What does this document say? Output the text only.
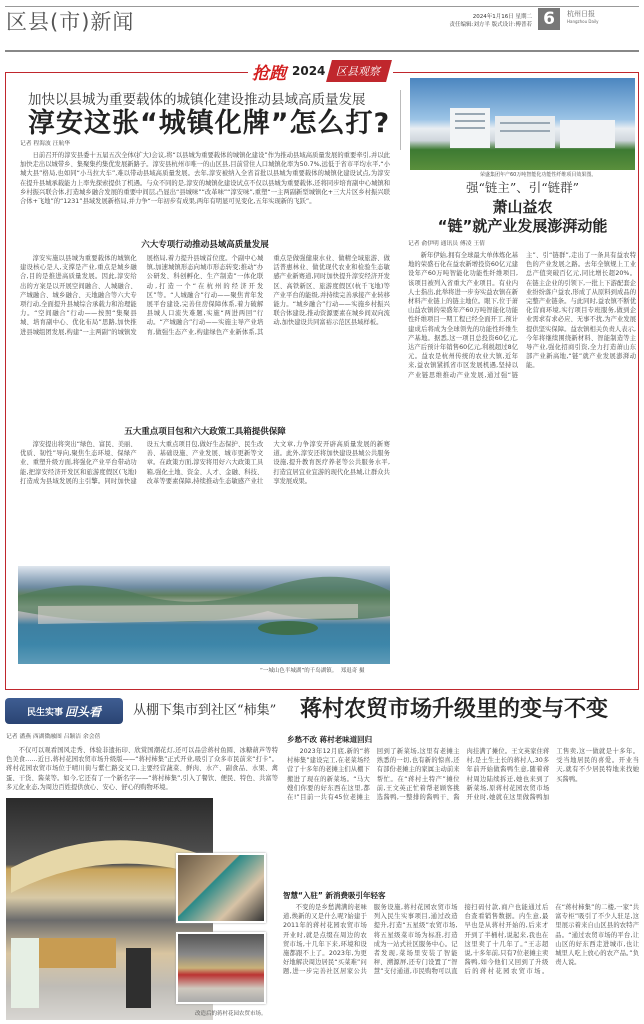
区县(市)新闻	2024年1月16日 星期二
责任编辑:刘方半 版式设计:傅普若 6	杭州日报
Hangzhou Daily
抢跑 2024 区县观察
加快以县城为重要载体的城镇化建设推动县域高质量发展
淳安这张“城镇化牌”怎么打?
记者 程海波 汪航华
日前召开的淳安县委十五届五次全体(扩大)会议,将“以县城为重要载体的城镇化建设”作为推动县域高质量发展的重要牵引,并以此加快走出以城带乡、集聚集约集优发展新路子。淳安县杭州市唯一的山区县,目前常住人口城镇化率为50.7%,远低于省市平均水平,“小城大县”格局,也如同“小马拉大车”,难以带动县域高质量发展。去年,淳安被纳入全省首批以县城为重要载体的城镇化建设试点,为淳安在提升县城承载能力上率先探索提供了机遇。与众不同的是,淳安的城镇化建设试点不仅以县城为重要载体,还将同步培育副中心城镇和乡村振兴联合体,打造城乡融合发展的重要中间层,凸显出“县城味”“改革味”“淳安味”,重塑“一主两副新型城镇化+三大片区乡村振兴联合体+飞地”的“1231”县域发展新格局,并力争“一年初步有成果,两年有明显可见变化,五年实现新的飞跃”。
六大专项行动推动县域高质量发展
淳安实施以县城为重要载体的城镇化建设核心是人,支撑是产业,重点是城乡融合,目的是推进高质量发展。因此,淳安给出的方案是以开展空间融合、人城融合、产城融合、城乡融合、天地融合等六大专项行动,全面提升县城综合承载力和治理能力。“空间融合”行动——按照“集聚县城、培育副中心、优化布局”思路,加快推进县城组团发展,构建“一主两副”的城镇发展格局,着力提升县城首位度。个副中心城镇,加速城镇形态向城市形态转变;推动“办公研发、科创孵化、生产制造”一体化联动,打造一个“在杭州的经济开发区”等。“人城融合”行动——聚焦青年发展平台建设,完善住房保障体系,着力破解县城人口流失难题,实施“两进两回”行动。“产城融合”行动——实施主导产业培育,做强生态产业,构建绿色产业新体系,其重点是做强健康水业、做精全域旅游、做活普惠林业、做优现代农业和检验生态敏感产业新赛道,同时加快提升淳安经济开发区、高铁新区、旅游度假区(杭千飞地)等产业平台的能级,并持续完善承接产业转移能力。“城乡融合”行动——实施乡村振兴联合体建设,推动资源要素在城乡间双向流动,加快建设共同富裕示范区县域样板。
五大重点项目包和六大政策工具箱提供保障
淳安提出将突出“绿色、富民、美丽、优质、韧性”导向,聚焦生态环境、保绿产业、重塑升级方面,将强化产业平台带动功能,把淳安经济开发区和旅游度假区(飞地)打造成为县域发展的主引擎。同时加快建设五大重点项目包,做好生态保护、民生改善、基础设施、产业发展、城市更新等文章。在政策方面,淳安将用好六大政策工具箱,强化土地、资金、人才、金融、科技、改革等要素保障,持续推动生态敏感产业壮大文章,力争淳安开辟高质量发展的新赛道。此外,淳安还将加快建设县城公共服务设施,提升教育医疗养老等公共服务水平,打造宜居宜业宜游的现代化县城,让群众共享发展成果。
“一城山色半城湖”的千岛湖镇。 郑退奇 摄
荣盛集团年产60万吨智能化功能性纤维项目效果图。
强“链主”、引“链群”
萧山益农
“链”就产业发展澎湃动能
记者 俞伊明 通讯员 傅凌 王倩
新年伊始,拥有全球最大单体炼化基地的荣盛石化在益农新增投资60亿元建设年产60万吨智能化功能性纤维项目,该项目被列入省重大产业项目。有业内人士指出,此举将进一步夯实益农镇在新材料产业链上的链主地位。眼下,位于萧山益农镇的荣盛年产60万吨智能化功能性纤维项目一期工程已经全面开工,预计建成后将成为全球领先的功能性纤维生产基地。据悉,这一项目总投资60亿元,达产后预计年销售60亿元,利税超过8亿元。益农是杭州传统的农业大镇,近年来,益农镇紧抓省市区发展机遇,坚持以产业链思维推动产业发展,通过强“链主”、引“链群”,走出了一条具有益农特色的产业发展之路。去年全镇规上工业总产值突破百亿元,同比增长超20%。在链主企业的引领下,一批上下游配套企业纷纷落户益农,形成了从原料到成品的完整产业链条。与此同时,益农镇不断优化营商环境,实行项目专班服务,做到企业需求有求必应、无事不扰,为产业发展提供坚实保障。益农镇相关负责人表示,今年将继续围绕新材料、智能制造等主导产业,强化招商引资,全力打造萧山东部产业新高地,“链”就产业发展澎湃动能。
民生实事 回头看 从棚下集市到社区“柿集” 蒋村农贸市场升级里的变与不变
记者 潘燕 西湖微融图 吕颖洁 余会蓓
不仅可以观看国风走秀、体验非遗拓印、欣赏国潮花灯,还可以品尝蒋村鱼圆、冰糖葫芦等特色美食……近日,蒋村花园农贸市场升级版——“蒋村柿集”正式开业,吸引了众多市民前来“打卡”。蒋村花园农贸市场位于晴川街与紫仁路交叉口,主要经营蔬菜、鲜肉、水产、副食品、水果、禽蛋、干货、酱菜等。如今,它还有了一个新名字——“蒋村柿集”,引入了餐饮、便民、特色、共富等多元化业态,为周边百姓提供放心、安心、舒心的购物环境。
改造后的蒋村花园农贸市场。
乡愁不改 蒋村老味道回归
2023年12月底,新的“蒋村柿集”建设完工,在老菜场经营了十多年的老摊主们从棚下搬进了现在的新菜场。“马大嫂们你要的好东西在这里,都在!”目前一共有45位老摊主回到了新菜场,这里有老摊主熟悉的一切,也有新的惊喜,还有部份老摊主的家属主动前来帮忙。在“蒋村土特产”摊位前,王文英正忙着帮老顾客挑选酱鸭,一整排的酱鸭干、酱肉挂满了摊位。王文英家住蒋村,是土生土长的蒋村人,30多年前开始做酱鸭生意,随着蒋村周边陆续拆迁,她也来到了新菜场,原蒋村花园农贸市场开业时,她就在这里做酱鸭加工售卖,这一做就是十多年。受当地居民的喜爱。开业当天,就有不少居民特地来找她买酱鸭。
智慧“入驻” 新消费吸引年轻客
不变的是乡愁满满的老味道,焕新的又是什么呢?始建于2011年的蒋村花园农贸市场开业时,就是点缀在周边的农贸市场,十几年下来,环境和设施都跟不上了。2023年,为更好地解决周边居民“买菜难”问题,进一步完善社区居家公共服务设施,蒋村花园农贸市场列入民生实事项目,通过改造提升,打造“五星级”农贸市场,将五星级菜市场为标准,打造成为一站式社区服务中心。记者发现,菜场里安装了智能秤、溯源屏,还专门设置了“智慧”支付通道,市民购物可以直接扫码付款,商户也能通过后台查看销售数据。内生意,最早也是从蒋村开始的,后来才开到了半桶村,说起来,我也在这里卖了十几年了。”王志超说,十多年前,只有7位老摊主卖酱鸭,如今他们又回到了升级后的蒋村花园农贸市场。在“蒋村柿集”的二楼,一家“共富专柜”吸引了不少人驻足,这里展示着来自山区县的农特产品。“通过农贸市场的平台,让山区的好东西走进城市,也让城里人吃上放心的农产品。”负责人说。
